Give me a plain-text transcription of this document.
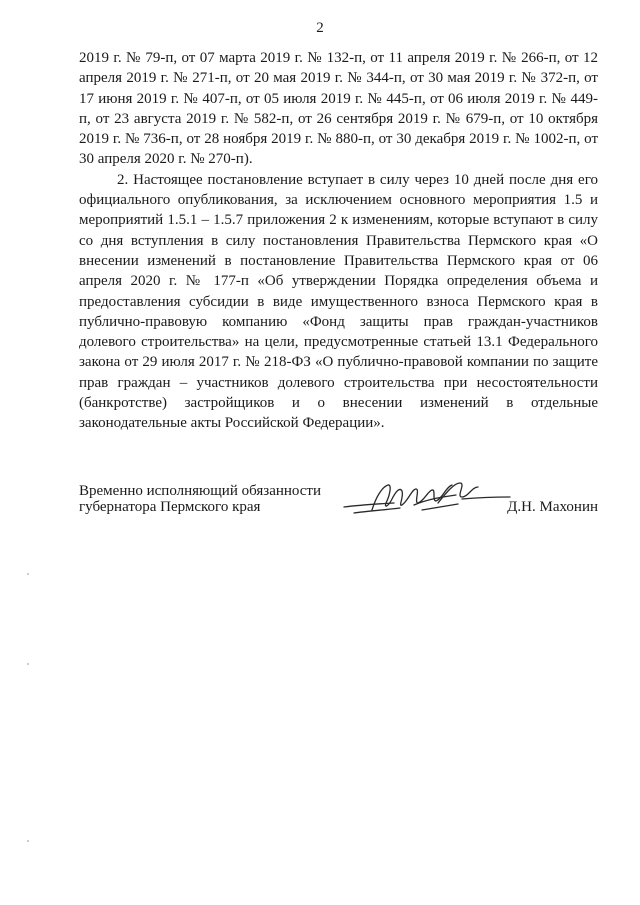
2

2019 г. № 79-п, от 07 марта 2019 г. № 132-п, от 11 апреля 2019 г. № 266-п, от 12 апреля 2019 г. № 271-п, от 20 мая 2019 г. № 344-п, от 30 мая 2019 г. № 372-п, от 17 июня 2019 г. № 407-п, от 05 июля 2019 г. № 445-п, от 06 июля 2019 г. № 449-п, от 23 августа 2019 г. № 582-п, от 26 сентября 2019 г. № 679-п, от 10 октября 2019 г. № 736-п, от 28 ноября 2019 г. № 880-п, от 30 декабря 2019 г. № 1002-п, от 30 апреля 2020 г. № 270-п).

2. Настоящее постановление вступает в силу через 10 дней после дня его официального опубликования, за исключением основного мероприятия 1.5 и мероприятий 1.5.1 – 1.5.7 приложения 2 к изменениям, которые вступают в силу со дня вступления в силу постановления Правительства Пермского края «О внесении изменений в постановление Правительства Пермского края от 06 апреля 2020 г. № 177-п «Об утверждении Порядка определения объема и предоставления субсидии в виде имущественного взноса Пермского края в публично-правовую компанию «Фонд защиты прав граждан-участников долевого строительства» на цели, предусмотренные статьей 13.1 Федерального закона от 29 июля 2017 г. № 218-ФЗ «О публично-правовой компании по защите прав граждан – участников долевого строительства при несостоятельности (банкротстве) застройщиков и о внесении изменений в отдельные законодательные акты Российской Федерации».

Временно исполняющий обязанности
губернатора Пермского края	Д.Н. Махонин
